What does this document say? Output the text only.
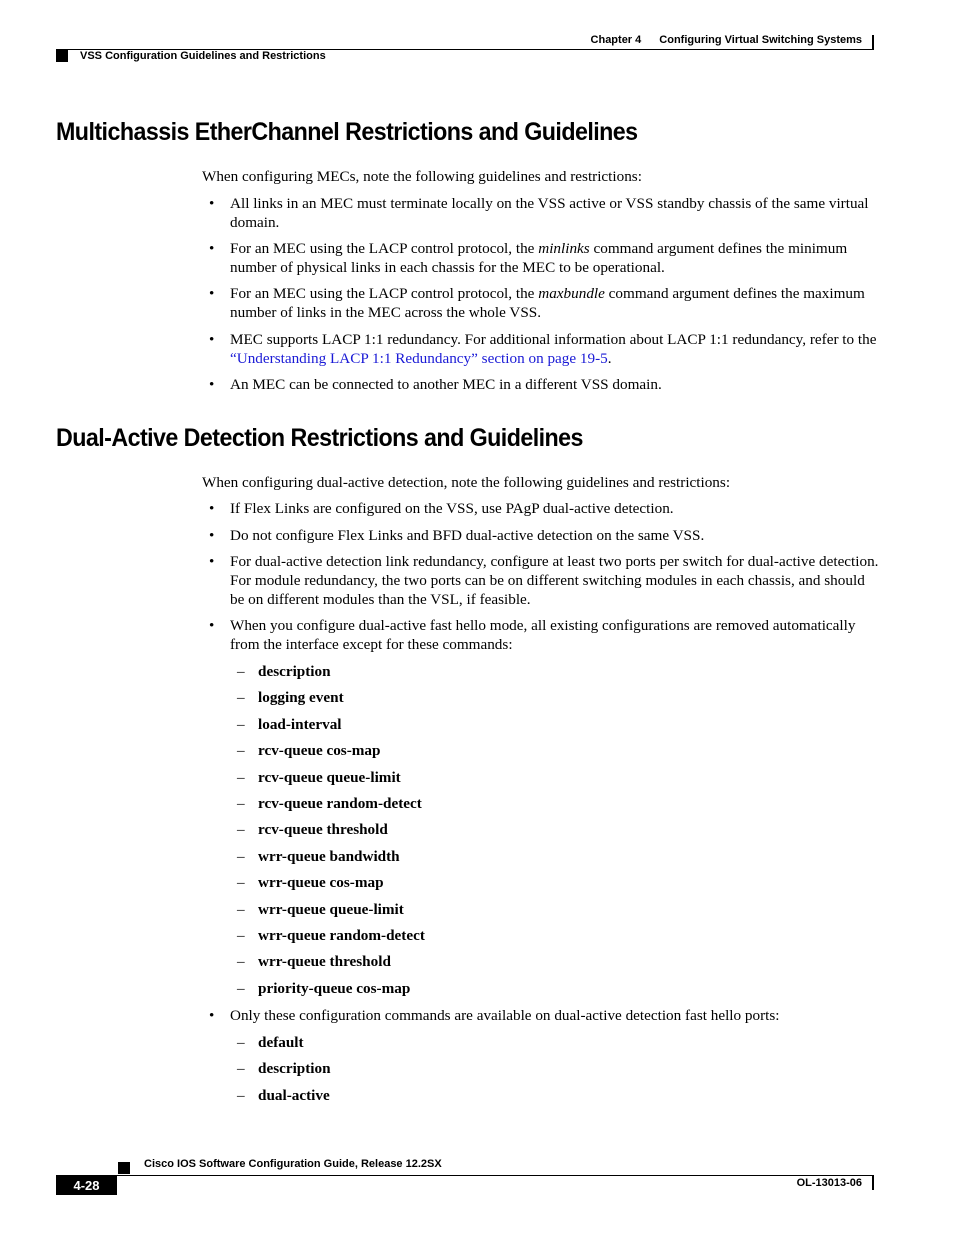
Chapter 4 Configuring Virtual Switching Systems
VSS Configuration Guidelines and Restrictions
Multichassis EtherChannel Restrictions and Guidelines
When configuring MECs, note the following guidelines and restrictions:
• All links in an MEC must terminate locally on the VSS active or VSS standby chassis of the same virtual domain.
• For an MEC using the LACP control protocol, the minlinks command argument defines the minimum number of physical links in each chassis for the MEC to be operational.
• For an MEC using the LACP control protocol, the maxbundle command argument defines the maximum number of links in the MEC across the whole VSS.
• MEC supports LACP 1:1 redundancy. For additional information about LACP 1:1 redundancy, refer to the “Understanding LACP 1:1 Redundancy” section on page 19-5.
• An MEC can be connected to another MEC in a different VSS domain.
Dual-Active Detection Restrictions and Guidelines
When configuring dual-active detection, note the following guidelines and restrictions:
• If Flex Links are configured on the VSS, use PAgP dual-active detection.
• Do not configure Flex Links and BFD dual-active detection on the same VSS.
• For dual-active detection link redundancy, configure at least two ports per switch for dual-active detection. For module redundancy, the two ports can be on different switching modules in each chassis, and should be on different modules than the VSL, if feasible.
• When you configure dual-active fast hello mode, all existing configurations are removed automatically from the interface except for these commands:
– description
– logging event
– load-interval
– rcv-queue cos-map
– rcv-queue queue-limit
– rcv-queue random-detect
– rcv-queue threshold
– wrr-queue bandwidth
– wrr-queue cos-map
– wrr-queue queue-limit
– wrr-queue random-detect
– wrr-queue threshold
– priority-queue cos-map
• Only these configuration commands are available on dual-active detection fast hello ports:
– default
– description
– dual-active
Cisco IOS Software Configuration Guide, Release 12.2SX
4-28	OL-13013-06
